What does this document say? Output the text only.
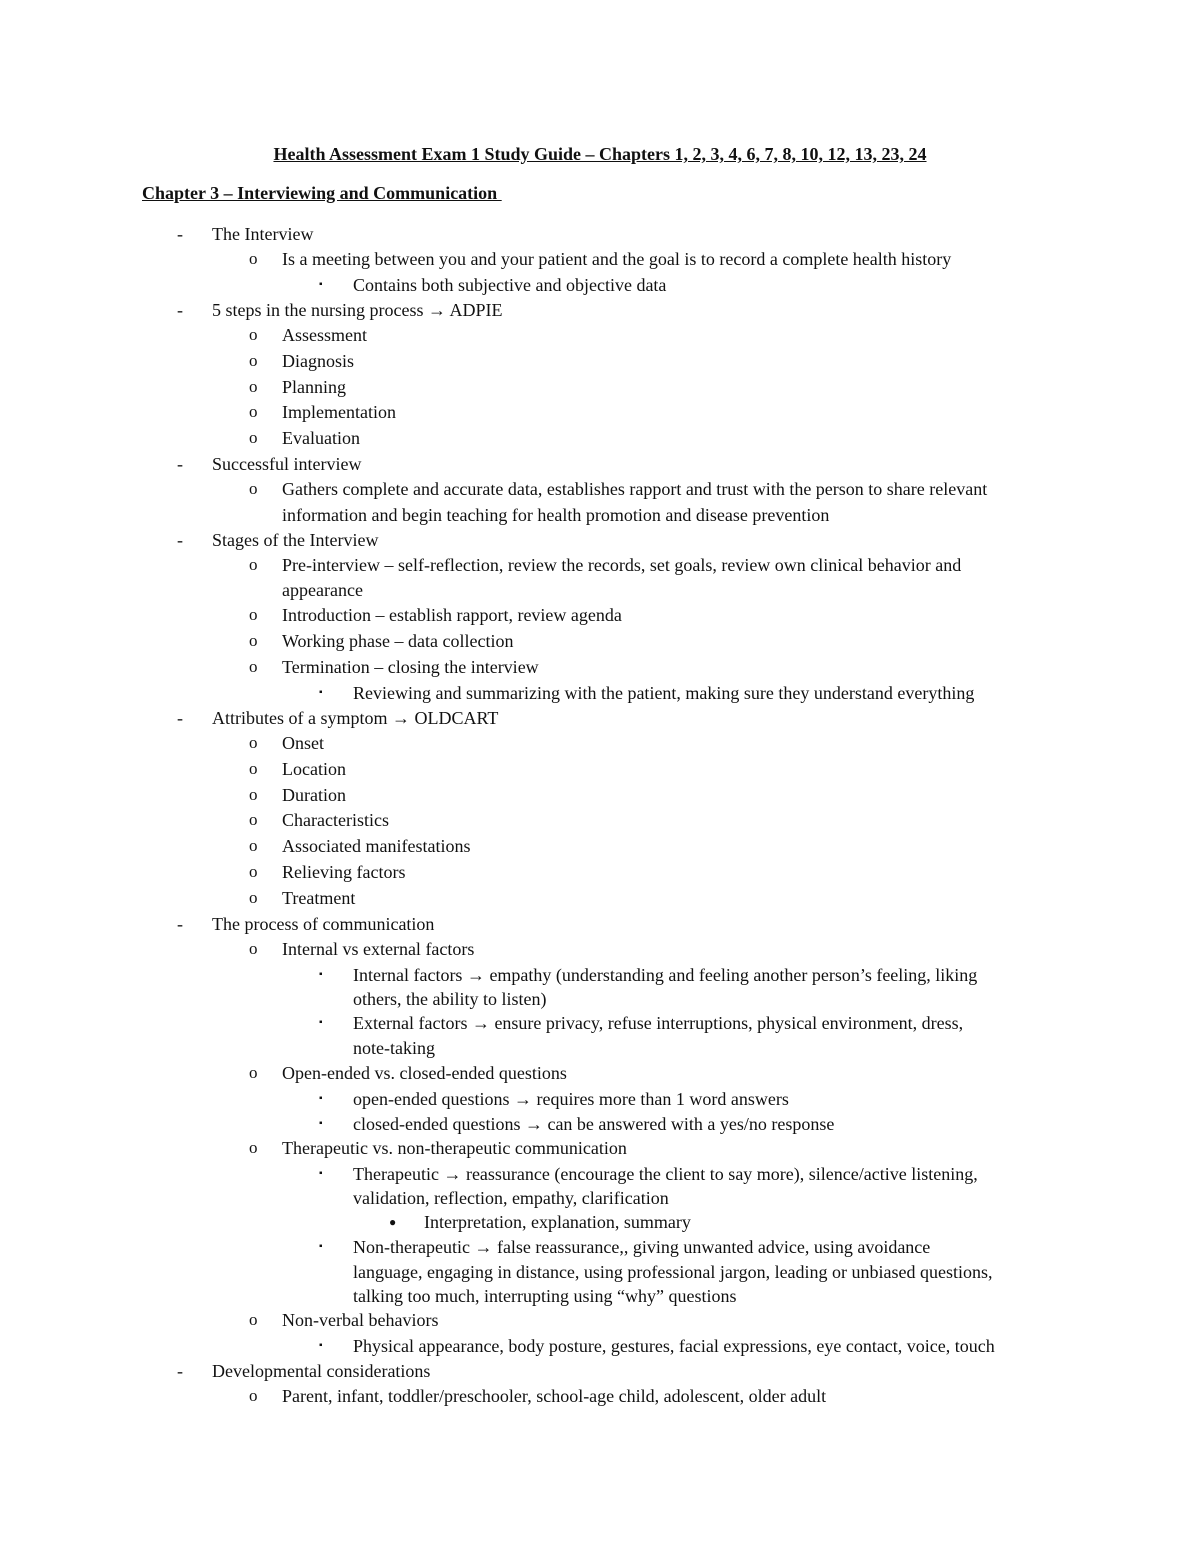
Health Assessment Exam 1 Study Guide – Chapters 1, 2, 3, 4, 6, 7, 8, 10, 12, 13, 23, 24
Chapter 3 – Interviewing and Communication
- The Interview
o Is a meeting between you and your patient and the goal is to record a complete health history
▪ Contains both subjective and objective data
- 5 steps in the nursing process → ADPIE
o Assessment
o Diagnosis
o Planning
o Implementation
o Evaluation
- Successful interview
o Gathers complete and accurate data, establishes rapport and trust with the person to share relevant
information and begin teaching for health promotion and disease prevention
- Stages of the Interview
o Pre-interview – self-reflection, review the records, set goals, review own clinical behavior and
appearance
o Introduction – establish rapport, review agenda
o Working phase – data collection
o Termination – closing the interview
▪ Reviewing and summarizing with the patient, making sure they understand everything
- Attributes of a symptom → OLDCART
o Onset
o Location
o Duration
o Characteristics
o Associated manifestations
o Relieving factors
o Treatment
- The process of communication
o Internal vs external factors
▪ Internal factors → empathy (understanding and feeling another person’s feeling, liking
others, the ability to listen)
▪ External factors → ensure privacy, refuse interruptions, physical environment, dress,
note-taking
o Open-ended vs. closed-ended questions
▪ open-ended questions → requires more than 1 word answers
▪ closed-ended questions → can be answered with a yes/no response
o Therapeutic vs. non-therapeutic communication
▪ Therapeutic → reassurance (encourage the client to say more), silence/active listening,
validation, reflection, empathy, clarification
● Interpretation, explanation, summary
▪ Non-therapeutic → false reassurance,, giving unwanted advice, using avoidance
language, engaging in distance, using professional jargon, leading or unbiased questions,
talking too much, interrupting using “why” questions
o Non-verbal behaviors
▪ Physical appearance, body posture, gestures, facial expressions, eye contact, voice, touch
- Developmental considerations
o Parent, infant, toddler/preschooler, school-age child, adolescent, older adult
